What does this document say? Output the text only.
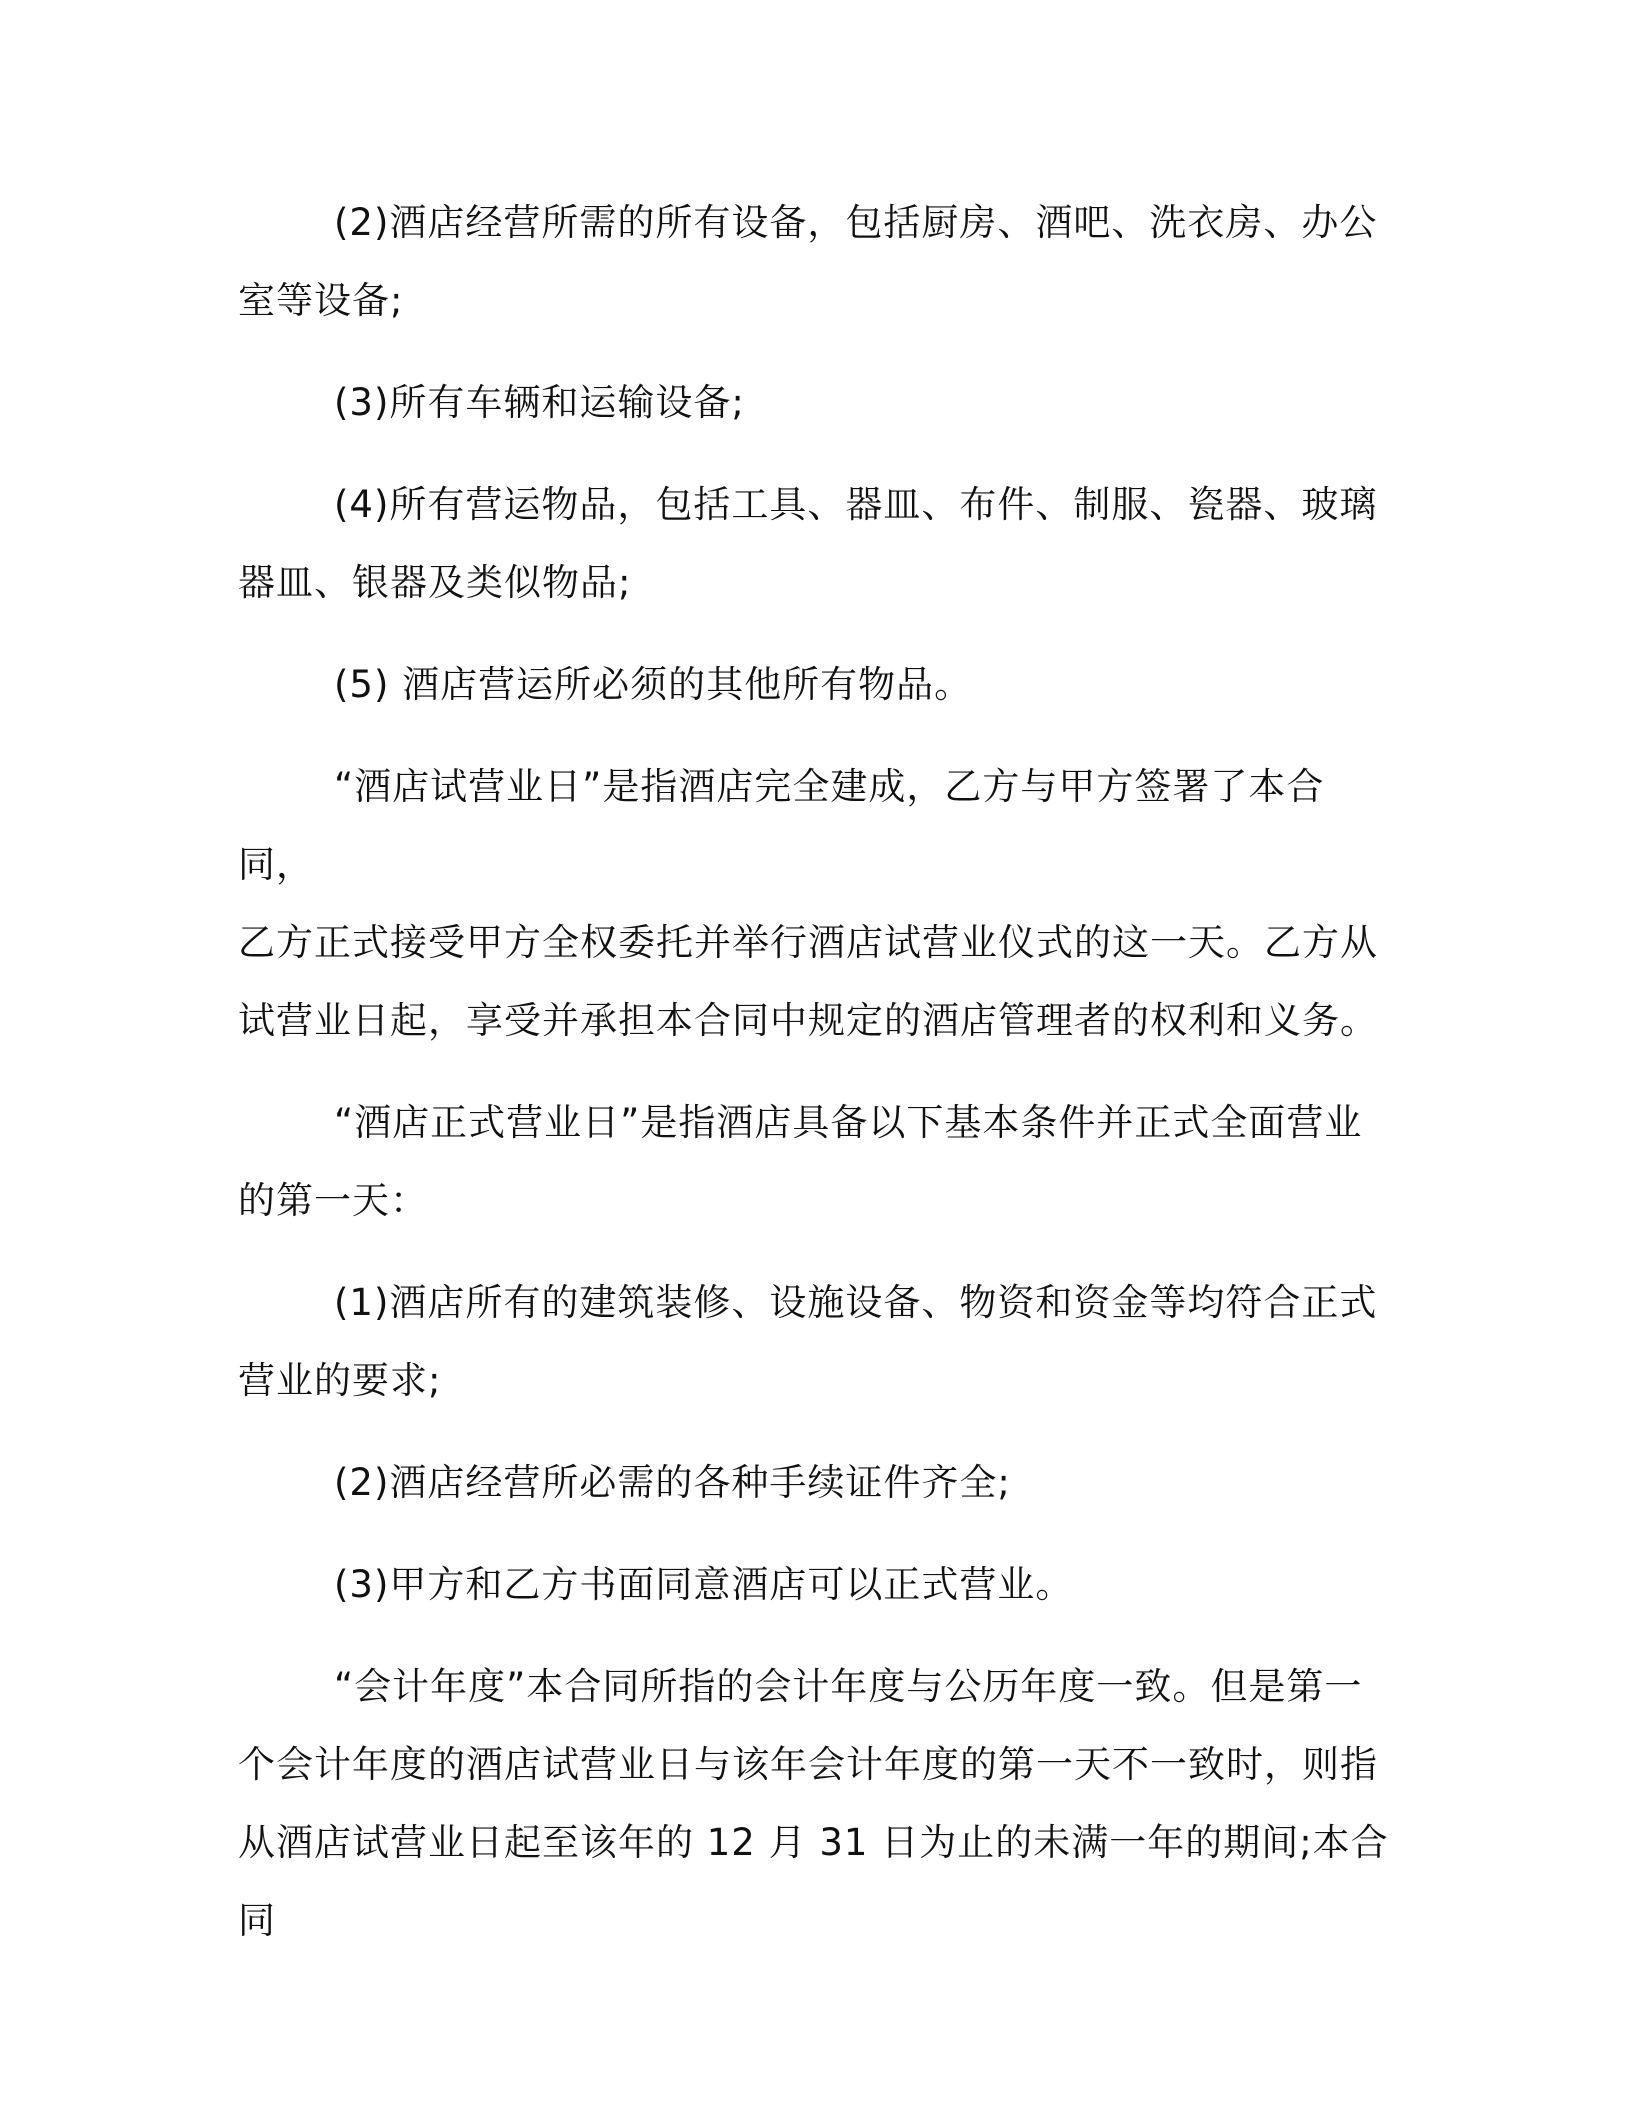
(2)酒店经营所需的所有设备，包括厨房、酒吧、洗衣房、办公
室等设备;

(3)所有车辆和运输设备;

(4)所有营运物品，包括工具、器皿、布件、制服、瓷器、玻璃
器皿、银器及类似物品;

(5) 酒店营运所必须的其他所有物品。

“酒店试营业日”是指酒店完全建成，乙方与甲方签署了本合同，
乙方正式接受甲方全权委托并举行酒店试营业仪式的这一天。乙方从
试营业日起，享受并承担本合同中规定的酒店管理者的权利和义务。

“酒店正式营业日”是指酒店具备以下基本条件并正式全面营业
的第一天：

(1)酒店所有的建筑装修、设施设备、物资和资金等均符合正式
营业的要求;

(2)酒店经营所必需的各种手续证件齐全;

(3)甲方和乙方书面同意酒店可以正式营业。

“会计年度”本合同所指的会计年度与公历年度一致。但是第一
个会计年度的酒店试营业日与该年会计年度的第一天不一致时，则指
从酒店试营业日起至该年的 12 月 31 日为止的未满一年的期间;本合同
